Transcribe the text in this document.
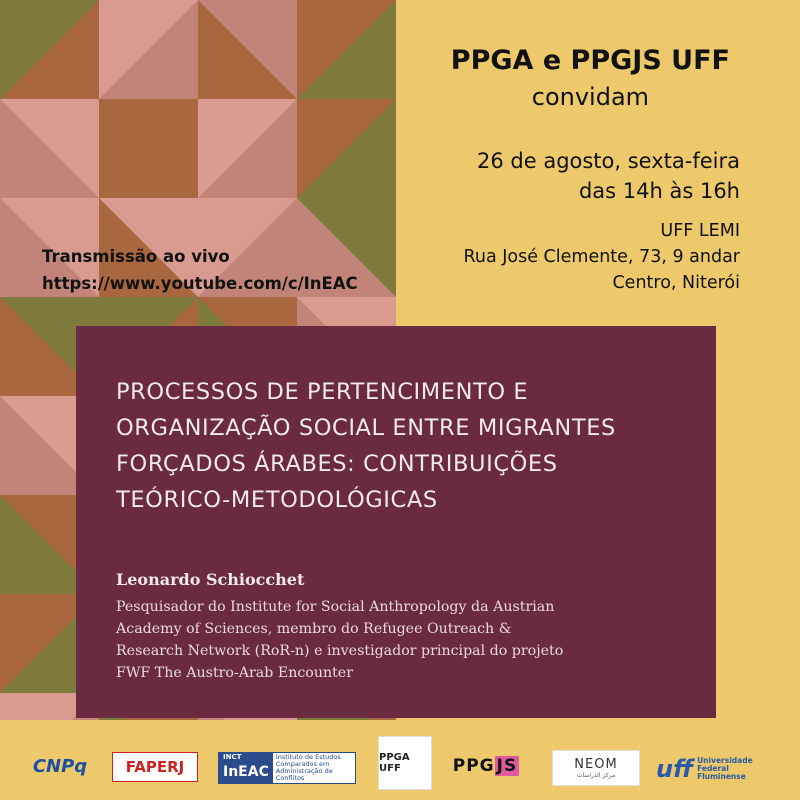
PPGA e PPGJS UFF
convidam
26 de agosto, sexta-feira
das 14h às 16h
UFF LEMI
Rua José Clemente, 73, 9 andar
Centro, Niterói
Transmissão ao vivo
https://www.youtube.com/c/InEAC
PROCESSOS DE PERTENCIMENTO E
ORGANIZAÇÃO SOCIAL ENTRE MIGRANTES
FORÇADOS ÁRABES: CONTRIBUIÇÕES
TEÓRICO-METODOLÓGICAS
Leonardo Schiocchet
Pesquisador do Institute for Social Anthropology da Austrian
Academy of Sciences, membro do Refugee Outreach &
Research Network (RoR-n) e investigador principal do projeto
FWF The Austro-Arab Encounter
CNPq	FAPERJ
INCT
InEAC
Instituto de Estudos Comparados em Administração de Conflitos
PPGA UFF	PPG JS	NEOM
مركز الدراسات uff Universidade
Federal
Fluminense
